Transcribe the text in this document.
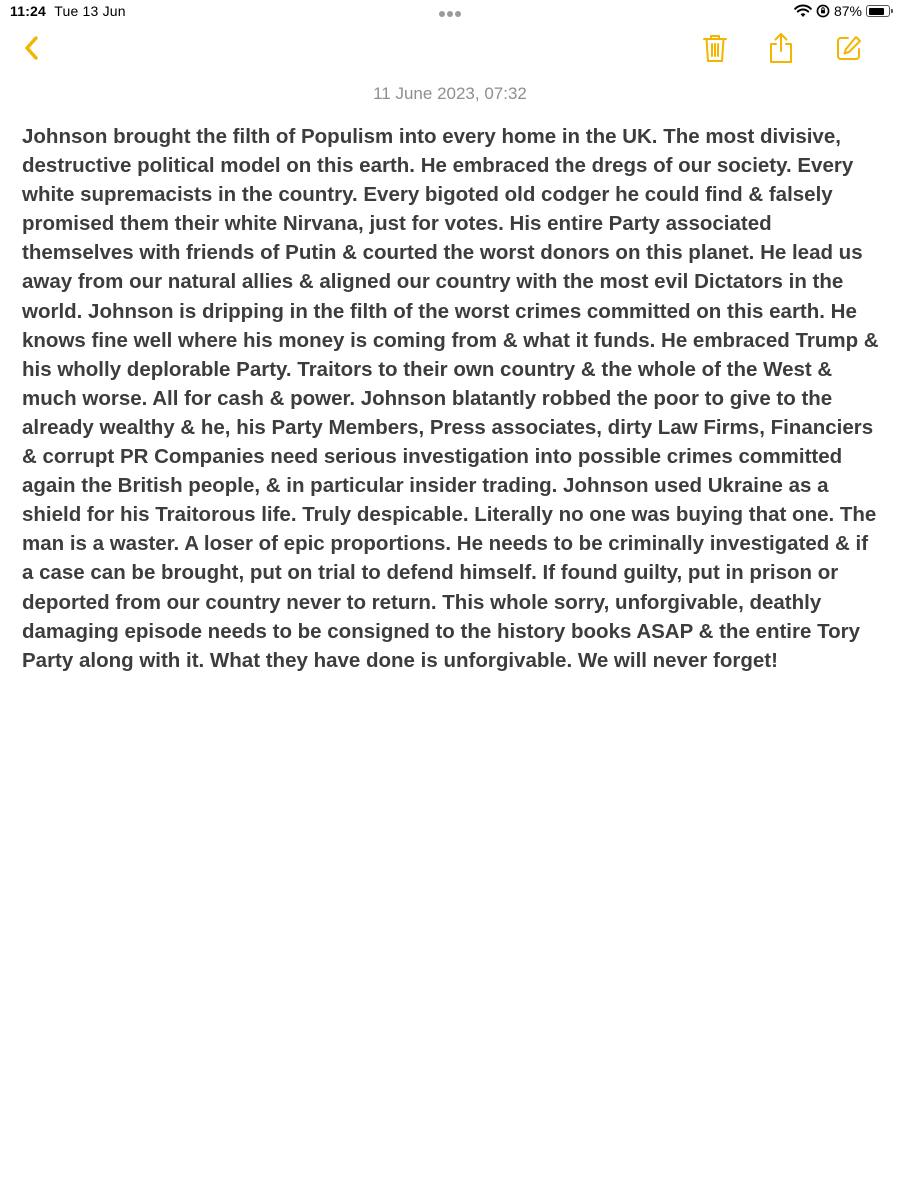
11:24 Tue 13 Jun	87%
11 June 2023, 07:32
Johnson brought the filth of Populism into every home in the UK. The most divisive, destructive political model on this earth. He embraced the dregs of our society. Every white supremacists in the country. Every bigoted old codger he could find & falsely promised them their white Nirvana, just for votes. His entire Party associated themselves with friends of Putin & courted the worst donors on this planet. He lead us away from our natural allies & aligned our country with the most evil Dictators in the world. Johnson is dripping in the filth of the worst crimes committed on this earth. He knows fine well where his money is coming from & what it funds. He embraced Trump & his wholly deplorable Party. Traitors to their own country & the whole of the West & much worse. All for cash & power. Johnson blatantly robbed the poor to give to the already wealthy & he, his Party Members, Press associates, dirty Law Firms, Financiers & corrupt PR Companies need serious investigation into possible crimes committed again the British people, & in particular insider trading. Johnson used Ukraine as a shield for his Traitorous life. Truly despicable. Literally no one was buying that one. The man is a waster. A loser of epic proportions. He needs to be criminally investigated & if a case can be brought, put on trial to defend himself. If found guilty, put in prison or deported from our country never to return. This whole sorry, unforgivable, deathly damaging episode needs to be consigned to the history books ASAP & the entire Tory Party along with it. What they have done is unforgivable. We will never forget!
